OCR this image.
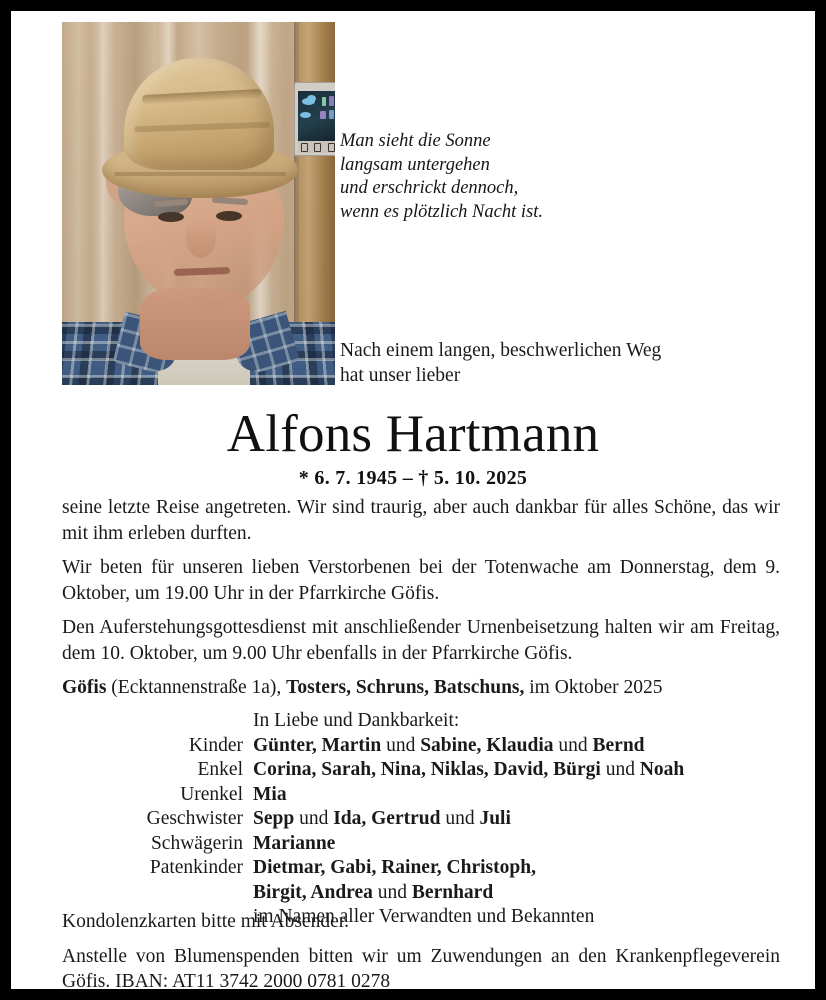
Man sieht die Sonne
langsam untergehen
und erschrickt dennoch,
wenn es plötzlich Nacht ist.
Nach einem langen, beschwerlichen Weg
hat unser lieber
Alfons Hartmann
* 6. 7. 1945 – † 5. 10. 2025

seine letzte Reise angetreten. Wir sind traurig, aber auch dankbar für alles Schöne, das wir mit ihm erleben durften.

Wir beten für unseren lieben Verstorbenen bei der Totenwache am Donnerstag, dem 9. Oktober, um 19.00 Uhr in der Pfarrkirche Göfis.

Den Auferstehungsgottesdienst mit anschließender Urnenbeisetzung halten wir am Freitag, dem 10. Oktober, um 9.00 Uhr ebenfalls in der Pfarrkirche Göfis.

Göfis (Ecktannenstraße 1a), Tosters, Schruns, Batschuns, im Oktober 2025

In Liebe und Dankbarkeit:
Kinder Günter, Martin und Sabine, Klaudia und Bernd
Enkel Corina, Sarah, Nina, Niklas, David, Bürgi und Noah
Urenkel Mia
Geschwister Sepp und Ida, Gertrud und Juli
Schwägerin Marianne
Patenkinder Dietmar, Gabi, Rainer, Christoph,
Birgit, Andrea und Bernhard
im Namen aller Verwandten und Bekannten

Kondolenzkarten bitte mit Absender.

Anstelle von Blumenspenden bitten wir um Zuwendungen an den Krankenpflegeverein Göfis. IBAN: AT11 3742 2000 0781 0278
